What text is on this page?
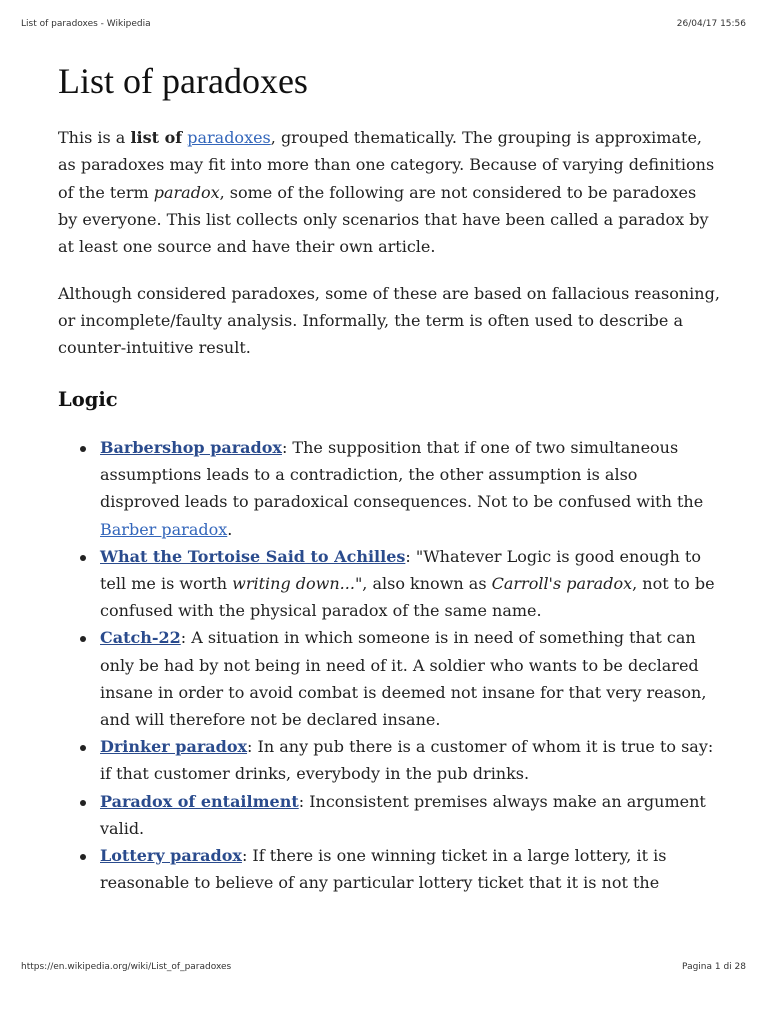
List of paradoxes - Wikipedia	26/04/17 15:56
List of paradoxes

This is a list of paradoxes, grouped thematically. The grouping is approximate, as paradoxes may fit into more than one category. Because of varying definitions of the term paradox, some of the following are not considered to be paradoxes by everyone. This list collects only scenarios that have been called a paradox by at least one source and have their own article.

Although considered paradoxes, some of these are based on fallacious reasoning, or incomplete/faulty analysis. Informally, the term is often used to describe a counter-intuitive result.

Logic
Barbershop paradox: The supposition that if one of two simultaneous assumptions leads to a contradiction, the other assumption is also disproved leads to paradoxical consequences. Not to be confused with the Barber paradox.
What the Tortoise Said to Achilles: "Whatever Logic is good enough to tell me is worth writing down...", also known as Carroll's paradox, not to be confused with the physical paradox of the same name.
Catch-22: A situation in which someone is in need of something that can only be had by not being in need of it. A soldier who wants to be declared insane in order to avoid combat is deemed not insane for that very reason, and will therefore not be declared insane.
Drinker paradox: In any pub there is a customer of whom it is true to say: if that customer drinks, everybody in the pub drinks.
Paradox of entailment: Inconsistent premises always make an argument valid.
Lottery paradox: If there is one winning ticket in a large lottery, it is reasonable to believe of any particular lottery ticket that it is not the
https://en.wikipedia.org/wiki/List_of_paradoxes	Pagina 1 di 28
